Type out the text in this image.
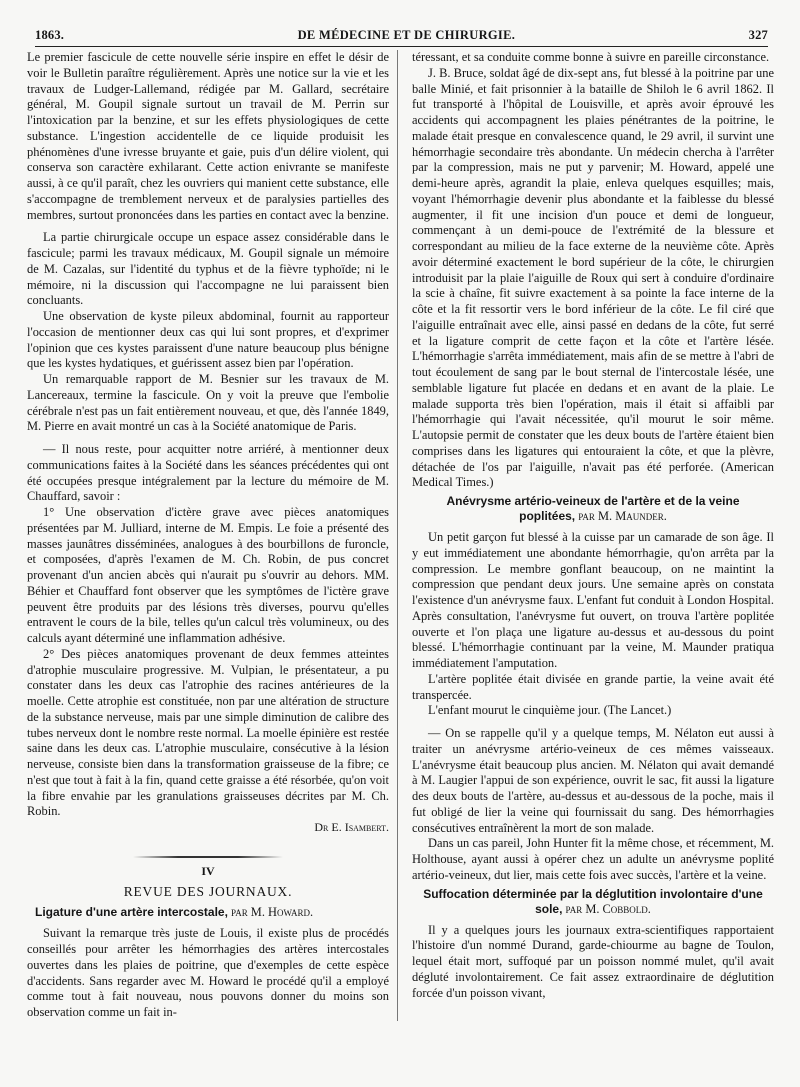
1863.	DE MÉDECINE ET DE CHIRURGIE.	327

Le premier fascicule de cette nouvelle série inspire en effet le désir de voir le Bulletin paraître régulièrement. Après une notice sur la vie et les travaux de Ludger-Lallemand, rédigée par M. Gallard, secrétaire général, M. Goupil signale surtout un travail de M. Perrin sur l'intoxication par la benzine, et sur les effets physiologiques de cette substance. L'ingestion accidentelle de ce liquide produisit les phénomènes d'une ivresse bruyante et gaie, puis d'un délire violent, qui conserva son caractère exhilarant. Cette action enivrante se manifeste aussi, à ce qu'il paraît, chez les ouvriers qui manient cette substance, elle s'accompagne de tremblement nerveux et de paralysies partielles des membres, surtout prononcées dans les parties en contact avec la benzine.

La partie chirurgicale occupe un espace assez considérable dans le fascicule; parmi les travaux médicaux, M. Goupil signale un mémoire de M. Cazalas, sur l'identité du typhus et de la fièvre typhoïde; ni le mémoire, ni la discussion qui l'accompagne ne lui paraissent bien concluants.

Une observation de kyste pileux abdominal, fournit au rapporteur l'occasion de mentionner deux cas qui lui sont propres, et d'exprimer l'opinion que ces kystes paraissent d'une nature beaucoup plus bénigne que les kystes hydatiques, et guérissent assez bien par l'opération.

Un remarquable rapport de M. Besnier sur les travaux de M. Lancereaux, termine la fascicule. On y voit la preuve que l'embolie cérébrale n'est pas un fait entièrement nouveau, et que, dès l'année 1849, M. Pierre en avait montré un cas à la Société anatomique de Paris.

— Il nous reste, pour acquitter notre arriéré, à mentionner deux communications faites à la Société dans les séances précédentes qui ont été occupées presque intégralement par la lecture du mémoire de M. Chauffard, savoir :

1° Une observation d'ictère grave avec pièces anatomiques présentées par M. Julliard, interne de M. Empis. Le foie a présenté des masses jaunâtres disséminées, analogues à des bourbillons de furoncle, et composées, d'après l'examen de M. Ch. Robin, de pus concret provenant d'un ancien abcès qui n'aurait pu s'ouvrir au dehors. MM. Béhier et Chauffard font observer que les symptômes de l'ictère grave peuvent être produits par des lésions très diverses, pourvu qu'elles entravent le cours de la bile, telles qu'un calcul très volumineux, ou des calculs ayant déterminé une inflammation adhésive.

2° Des pièces anatomiques provenant de deux femmes atteintes d'atrophie musculaire progressive. M. Vulpian, le présentateur, a pu constater dans les deux cas l'atrophie des racines antérieures de la moelle. Cette atrophie est constituée, non par une altération de structure de la substance nerveuse, mais par une simple diminution de calibre des tubes nerveux dont le nombre reste normal. La moelle épinière est restée saine dans les deux cas. L'atrophie musculaire, consécutive à la lésion nerveuse, consiste bien dans la transformation graisseuse de la fibre; ce n'est que tout à fait à la fin, quand cette graisse a été résorbée, qu'on voit la fibre envahie par les granulations graisseuses décrites par M. Ch. Robin.

Dr E. Isambert.

IV
REVUE DES JOURNAUX.
Ligature d'une artère intercostale, par M. Howard.

Suivant la remarque très juste de Louis, il existe plus de procédés conseillés pour arrêter les hémorrhagies des artères intercostales ouvertes dans les plaies de poitrine, que d'exemples de cette espèce d'accidents. Sans regarder avec M. Howard le procédé qu'il a employé comme tout à fait nouveau, nous pouvons donner du moins son observation comme un fait in-

téressant, et sa conduite comme bonne à suivre en pareille circonstance.

J. B. Bruce, soldat âgé de dix-sept ans, fut blessé à la poitrine par une balle Minié, et fait prisonnier à la bataille de Shiloh le 6 avril 1862. Il fut transporté à l'hôpital de Louisville, et après avoir éprouvé les accidents qui accompagnent les plaies pénétrantes de la poitrine, le malade était presque en convalescence quand, le 29 avril, il survint une hémorrhagie secondaire très abondante. Un médecin chercha à l'arrêter par la compression, mais ne put y parvenir; M. Howard, appelé une demi-heure après, agrandit la plaie, enleva quelques esquilles; mais, voyant l'hémorrhagie devenir plus abondante et la faiblesse du blessé augmenter, il fit une incision d'un pouce et demi de longueur, commençant à un demi-pouce de l'extrémité de la blessure et correspondant au milieu de la face externe de la neuvième côte. Après avoir déterminé exactement le bord supérieur de la côte, le chirurgien introduisit par la plaie l'aiguille de Roux qui sert à conduire d'ordinaire la scie à chaîne, fit suivre exactement à sa pointe la face interne de la côte et la fit ressortir vers le bord inférieur de la côte. Le fil ciré que l'aiguille entraînait avec elle, ainsi passé en dedans de la côte, fut serré et la ligature comprit de cette façon et la côte et l'artère lésée. L'hémorrhagie s'arrêta immédiatement, mais afin de se mettre à l'abri de tout écoulement de sang par le bout sternal de l'intercostale lésée, une semblable ligature fut placée en dedans et en avant de la plaie. Le malade supporta très bien l'opération, mais il était si affaibli par l'hémorrhagie qui l'avait nécessitée, qu'il mourut le soir même. L'autopsie permit de constater que les deux bouts de l'artère étaient bien comprises dans les ligatures qui entouraient la côte, et que la plèvre, détachée de l'os par l'aiguille, n'avait pas été perforée. (American Medical Times.)

Anévrysme artério-veineux de l'artère et de la veine poplitées, par M. Maunder.

Un petit garçon fut blessé à la cuisse par un camarade de son âge. Il y eut immédiatement une abondante hémorrhagie, qu'on arrêta par la compression. Le membre gonflant beaucoup, on ne maintint la compression que pendant deux jours. Une semaine après on constata l'existence d'un anévrysme faux. L'enfant fut conduit à London Hospital. Après consultation, l'anévrysme fut ouvert, on trouva l'artère poplitée ouverte et l'on plaça une ligature au-dessus et au-dessous du point blessé. L'hémorrhagie continuant par la veine, M. Maunder pratiqua immédiatement l'amputation.

L'artère poplitée était divisée en grande partie, la veine avait été transpercée.

L'enfant mourut le cinquième jour. (The Lancet.)

— On se rappelle qu'il y a quelque temps, M. Nélaton eut aussi à traiter un anévrysme artério-veineux de ces mêmes vaisseaux. L'anévrysme était beaucoup plus ancien. M. Nélaton qui avait demandé à M. Laugier l'appui de son expérience, ouvrit le sac, fit aussi la ligature des deux bouts de l'artère, au-dessus et au-dessous de la poche, mais il fut obligé de lier la veine qui fournissait du sang. Des hémorrhagies consécutives entraînèrent la mort de son malade.

Dans un cas pareil, John Hunter fit la même chose, et récemment, M. Holthouse, ayant aussi à opérer chez un adulte un anévrysme poplité artério-veineux, dut lier, mais cette fois avec succès, l'artère et la veine.

Suffocation déterminée par la déglutition involontaire d'une sole, par M. Cobbold.

Il y a quelques jours les journaux extra-scientifiques rapportaient l'histoire d'un nommé Durand, garde-chiourme au bagne de Toulon, lequel était mort, suffoqué par un poisson nommé mulet, qu'il avait dégluté involontairement. Ce fait assez extraordinaire de déglutition forcée d'un poisson vivant,
